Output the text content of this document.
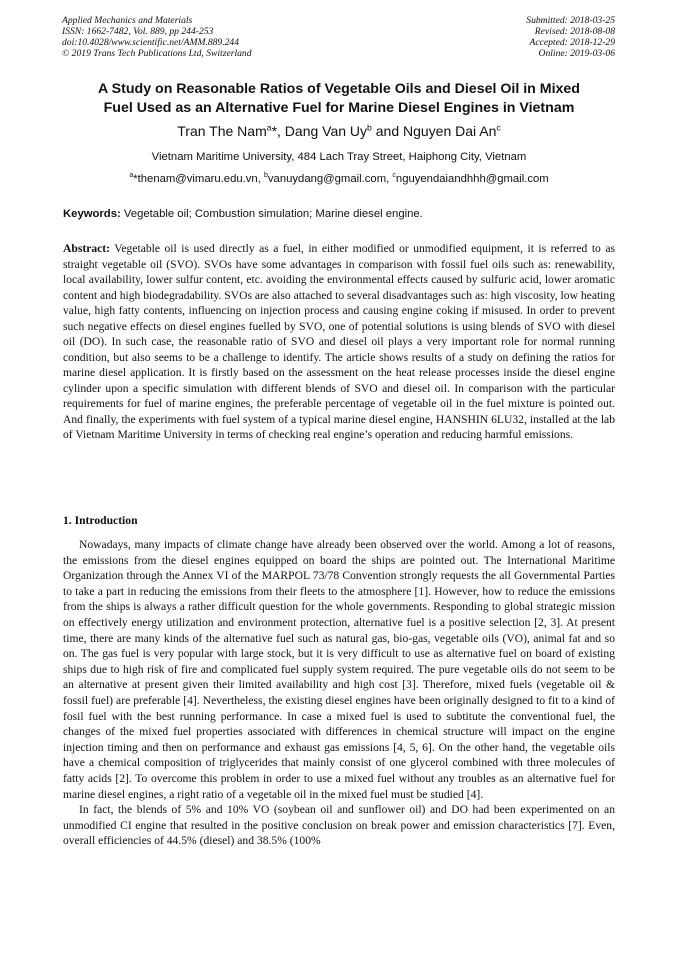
Applied Mechanics and Materials
ISSN: 1662-7482, Vol. 889, pp 244-253
doi:10.4028/www.scientific.net/AMM.889.244
© 2019 Trans Tech Publications Ltd, Switzerland
Submitted: 2018-03-25
Revised: 2018-08-08
Accepted: 2018-12-29
Online: 2019-03-06
A Study on Reasonable Ratios of Vegetable Oils and Diesel Oil in Mixed
Fuel Used as an Alternative Fuel for Marine Diesel Engines in Vietnam
Tran The Nam$^a$*, Dang Van Uy$^b$ and Nguyen Dai An$^c$
Vietnam Maritime University, 484 Lach Tray Street, Haiphong City, Vietnam
$^a$*thenam@vimaru.edu.vn, $^b$vanuydang@gmail.com, $^c$nguyendaiandhhh@gmail.com
Keywords: Vegetable oil; Combustion simulation; Marine diesel engine.
Abstract: Vegetable oil is used directly as a fuel, in either modified or unmodified equipment, it is referred to as straight vegetable oil (SVO). SVOs have some advantages in comparison with fossil fuel oils such as: renewability, local availability, lower sulfur content, etc. avoiding the environmental effects caused by sulfuric acid, lower aromatic content and high biodegradability. SVOs are also attached to several disadvantages such as: high viscosity, low heating value, high fatty contents, influencing on injection process and causing engine coking if misused. In order to prevent such negative effects on diesel engines fuelled by SVO, one of potential solutions is using blends of SVO with diesel oil (DO). In such case, the reasonable ratio of SVO and diesel oil plays a very important role for normal running condition, but also seems to be a challenge to identify. The article shows results of a study on defining the ratios for marine diesel application. It is firstly based on the assessment on the heat release processes inside the diesel engine cylinder upon a specific simulation with different blends of SVO and diesel oil. In comparison with the particular requirements for fuel of marine engines, the preferable percentage of vegetable oil in the fuel mixture is pointed out. And finally, the experiments with fuel system of a typical marine diesel engine, HANSHIN 6LU32, installed at the lab of Vietnam Maritime University in terms of checking real engine’s operation and reducing harmful emissions.
1. Introduction

Nowadays, many impacts of climate change have already been observed over the world. Among a lot of reasons, the emissions from the diesel engines equipped on board the ships are pointed out. The International Maritime Organization through the Annex VI of the MARPOL 73/78 Convention strongly requests the all Governmental Parties to take a part in reducing the emissions from their fleets to the atmosphere [1]. However, how to reduce the emissions from the ships is always a rather difficult question for the whole governments. Responding to global strategic mission on effectively energy utilization and environment protection, alternative fuel is a positive selection [2, 3]. At present time, there are many kinds of the alternative fuel such as natural gas, bio-gas, vegetable oils (VO), animal fat and so on. The gas fuel is very popular with large stock, but it is very difficult to use as alternative fuel on board of existing ships due to high risk of fire and complicated fuel supply system required. The pure vegetable oils do not seem to be an alternative at present given their limited availability and high cost [3]. Therefore, mixed fuels (vegetable oil & fossil fuel) are preferable [4]. Nevertheless, the existing diesel engines have been originally designed to fit to a kind of fosil fuel with the best running performance. In case a mixed fuel is used to subtitute the conventional fuel, the changes of the mixed fuel properties associated with differences in chemical structure will impact on the engine injection timing and then on performance and exhaust gas emissions [4, 5, 6]. On the other hand, the vegetable oils have a chemical composition of triglycerides that mainly consist of one glycerol combined with three molecules of fatty acids [2]. To overcome this problem in order to use a mixed fuel without any troubles as an alternative fuel for marine diesel engines, a right ratio of a vegetable oil in the mixed fuel must be studied [4].

In fact, the blends of 5% and 10% VO (soybean oil and sunflower oil) and DO had been experimented on an unmodified CI engine that resulted in the positive conclusion on break power and emission characteristics [7]. Even, overall efficiencies of 44.5% (diesel) and 38.5% (100%
